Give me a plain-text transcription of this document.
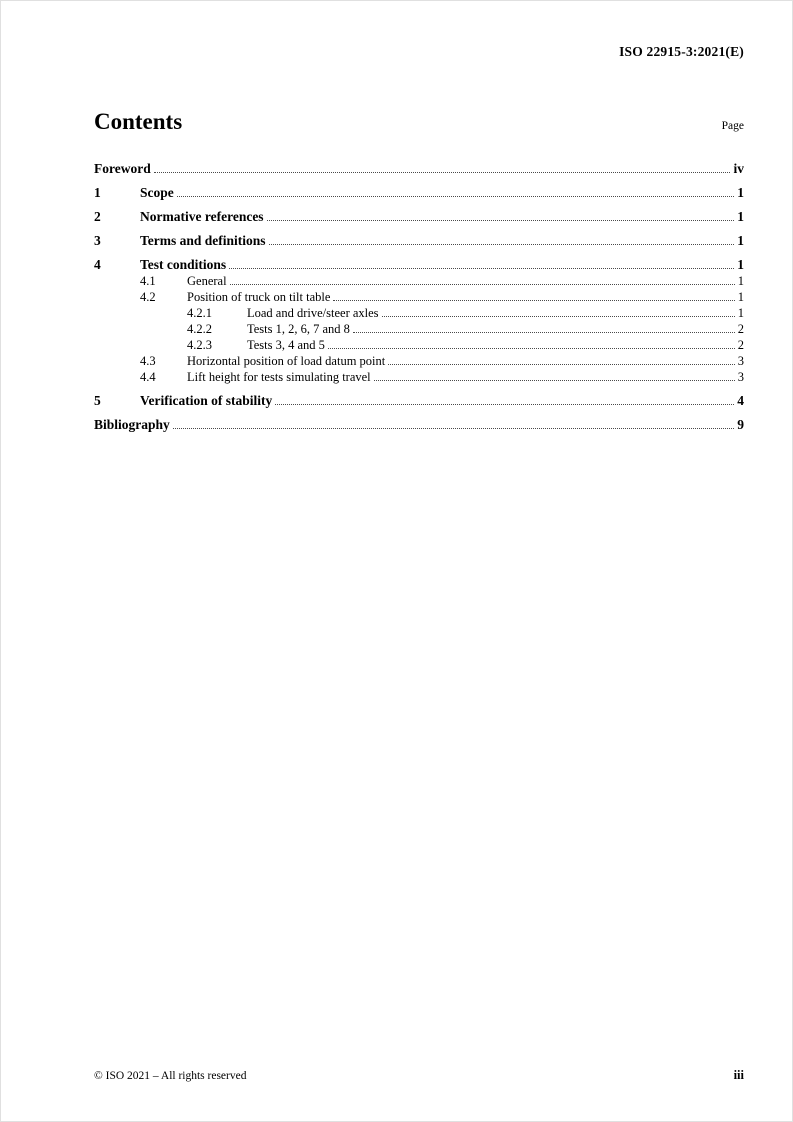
ISO 22915-3:2021(E)
Contents	Page
Foreword	iv
1	Scope	1
2	Normative references	1
3	Terms and definitions	1
4	Test conditions	1
4.1	General	1
4.2	Position of truck on tilt table	1
4.2.1	Load and drive/steer axles	1
4.2.2	Tests 1, 2, 6, 7 and 8	2
4.2.3	Tests 3, 4 and 5	2
4.3	Horizontal position of load datum point	3
4.4	Lift height for tests simulating travel	3
5	Verification of stability	4
Bibliography	9
© ISO 2021 – All rights reserved	iii
